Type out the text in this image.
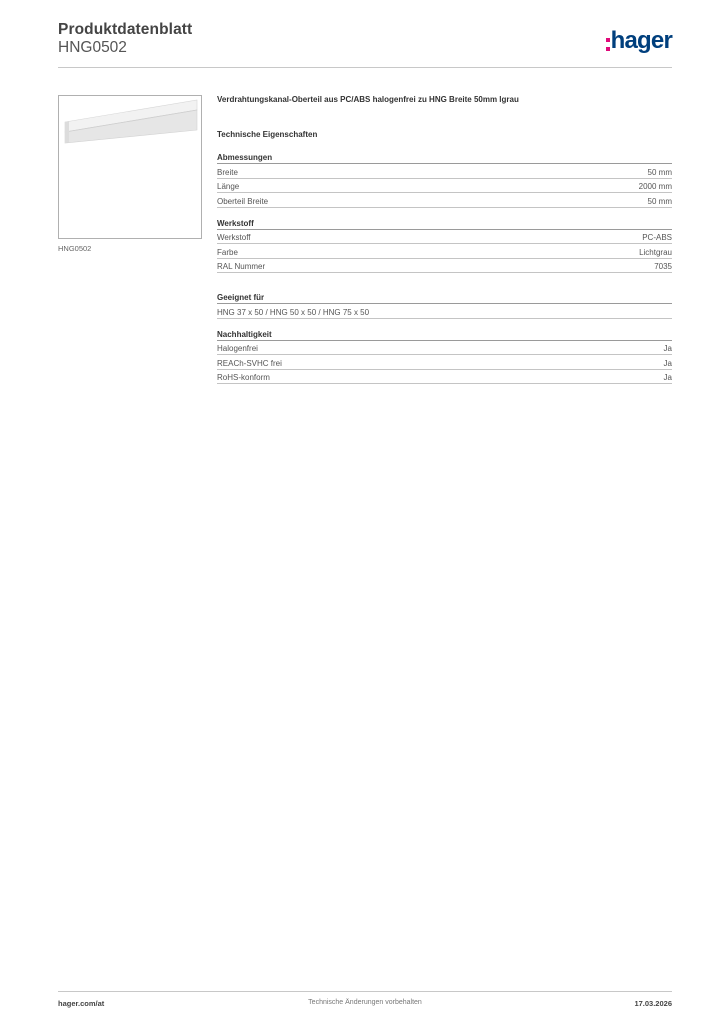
Produktdatenblatt
HNG0502	hager
HNG0502
Verdrahtungskanal-Oberteil aus PC/ABS halogenfrei zu HNG Breite 50mm lgrau
Technische Eigenschaften
Abmessungen
Breite	50 mm
Länge	2000 mm
Oberteil Breite	50 mm
Werkstoff
Werkstoff	PC-ABS
Farbe	Lichtgrau
RAL Nummer	7035
Geeignet für
HNG 37 x 50 / HNG 50 x 50 / HNG 75 x 50
Nachhaltigkeit
Halogenfrei	Ja
REACh-SVHC frei	Ja
RoHS-konform	Ja
Technische Änderungen vorbehalten
hager.com/at	17.03.2026
